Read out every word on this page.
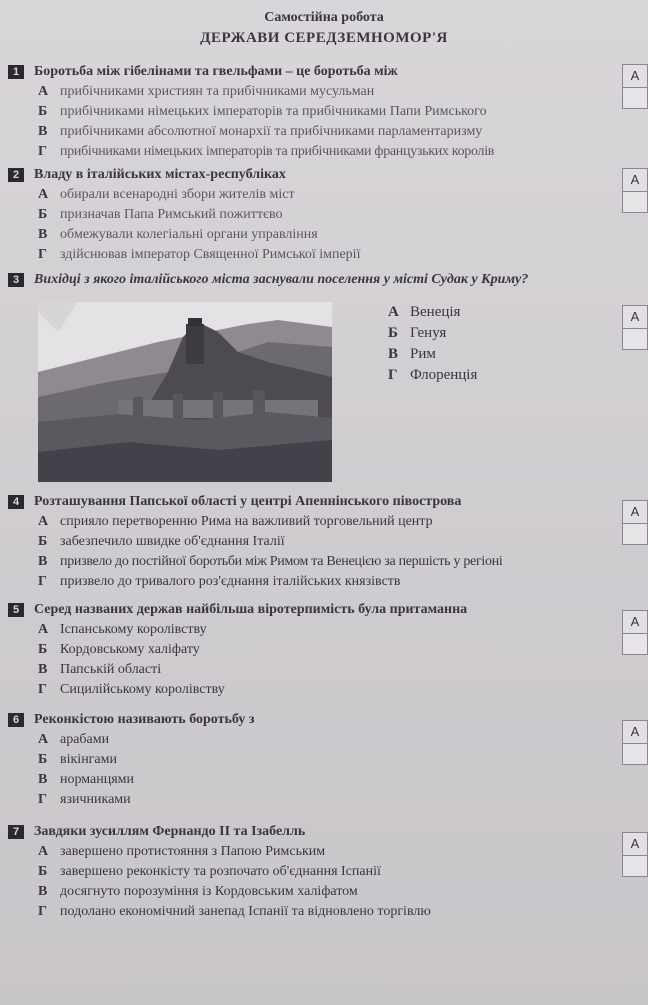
Самостійна робота
ДЕРЖАВИ СЕРЕДЗЕМНОМОР'Я
1	Боротьба між гібелінами та гвельфами – це боротьба між
А прибічниками християн та прибічниками мусульман
Б прибічниками німецьких імператорів та прибічниками Папи Римського
В прибічниками абсолютної монархії та прибічниками парламентаризму
Г прибічниками німецьких імператорів та прибічниками французьких королів
А
2	Владу в італійських містах-республіках
А обирали всенародні збори жителів міст
Б призначав Папа Римський пожиттєво
В обмежували колегіальні органи управління
Г здійснював імператор Священної Римської імперії
А
3	Вихідці з якого італійського міста заснували поселення у місті Судак у Криму?
А Венеція
Б Генуя
В Рим
Г Флоренція
А
4	Розташування Папської області у центрі Апеннінського півострова
А сприяло перетворенню Рима на важливий торговельний центр
Б забезпечило швидке об'єднання Італії
В призвело до постійної боротьби між Римом та Венецією за першість у регіоні
Г призвело до тривалого роз'єднання італійських князівств
А
5	Серед названих держав найбільша віротерпимість була притаманна
А Іспанському королівству
Б Кордовському халіфату
В Папській області
Г Сицилійському королівству
А
6	Реконкістою називають боротьбу з
А арабами
Б вікінгами
В норманцями
Г язичниками
А
7	Завдяки зусиллям Фернандо ІІ та Ізабелль
А завершено протистояння з Папою Римським
Б завершено реконкісту та розпочато об'єднання Іспанії
В досягнуто порозуміння із Кордовським халіфатом
Г подолано економічний занепад Іспанії та відновлено торгівлю
А
